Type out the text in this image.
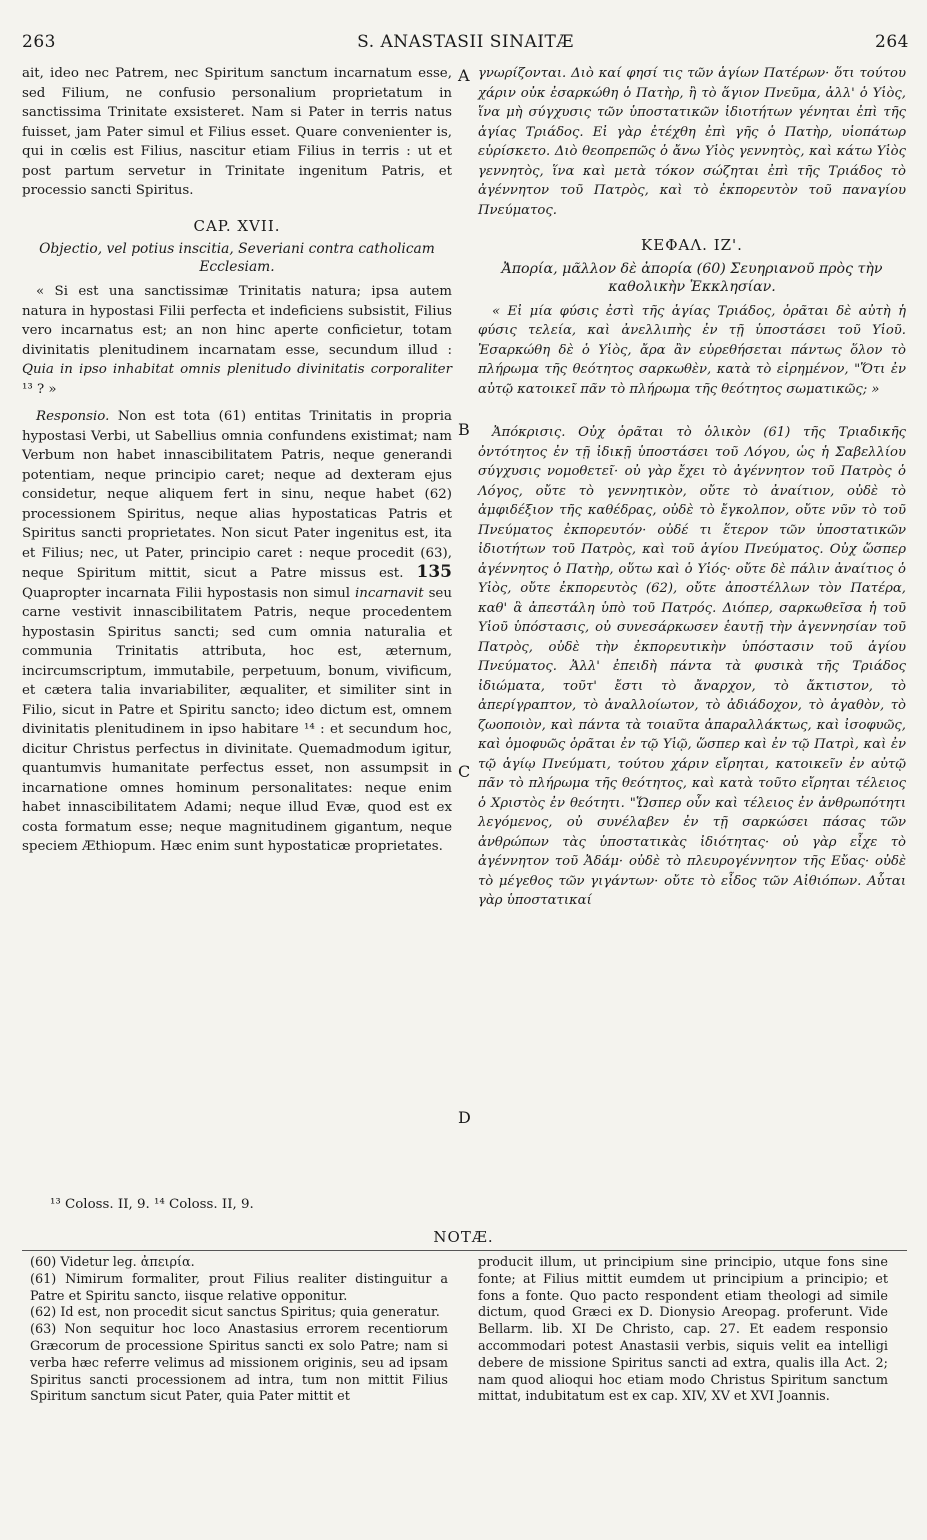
263	S. ANASTASII SINAITÆ	264
A
B
C
D

ait, ideo nec Patrem, nec Spiritum sanctum incarnatum esse, sed Filium, ne confusio personalium proprietatum in sanctissima Trinitate exsisteret. Nam si Pater in terris natus fuisset, jam Pater simul et Filius esset. Quare convenienter is, qui in cœlis est Filius, nascitur etiam Filius in terris : ut et post partum servetur in Trinitate ingenitum Patris, et processio sancti Spiritus.

CAP. XVII.
Objectio, vel potius inscitia, Severiani contra catholicam Ecclesiam.

« Si est una sanctissimæ Trinitatis natura; ipsa autem natura in hypostasi Filii perfecta et indeficiens subsistit, Filius vero incarnatus est; an non hinc aperte conficietur, totam divinitatis plenitudinem incarnatam esse, secundum illud : Quia in ipso inhabitat omnis plenitudo divinitatis corporaliter ¹³ ? »

Responsio. Non est tota (61) entitas Trinitatis in propria hypostasi Verbi, ut Sabellius omnia confundens existimat; nam Verbum non habet innascibilitatem Patris, neque generandi potentiam, neque principio caret; neque ad dexteram ejus considetur, neque aliquem fert in sinu, neque habet (62) processionem Spiritus, neque alias hypostaticas Patris et Spiritus sancti proprietates. Non sicut Pater ingenitus est, ita et Filius; nec, ut Pater, principio caret : neque procedit (63), neque Spiritum mittit, sicut a Patre missus est. 135 Quapropter incarnata Filii hypostasis non simul incarnavit seu carne vestivit innascibilitatem Patris, neque procedentem hypostasin Spiritus sancti; sed cum omnia naturalia et communia Trinitatis attributa, hoc est, æternum, incircumscriptum, immutabile, perpetuum, bonum, vivificum, et cætera talia invariabiliter, æqualiter, et similiter sint in Filio, sicut in Patre et Spiritu sancto; ideo dictum est, omnem divinitatis plenitudinem in ipso habitare ¹⁴ : et secundum hoc, dicitur Christus perfectus in divinitate. Quemadmodum igitur, quantumvis humanitate perfectus esset, non assumpsit in incarnatione omnes hominum personalitates: neque enim habet innascibilitatem Adami; neque illud Evæ, quod est ex costa formatum esse; neque magnitudinem gigantum, neque speciem Æthiopum. Hæc enim sunt hypostaticæ proprietates.

γνωρίζονται. Διὸ καί φησί τις τῶν ἁγίων Πατέρων· ὅτι τούτου χάριν οὐκ ἐσαρκώθη ὁ Πατὴρ, ἢ τὸ ἅγιον Πνεῦμα, ἀλλ' ὁ Υἱὸς, ἵνα μὴ σύγχυσις τῶν ὑποστατικῶν ἰδιοτήτων γένηται ἐπὶ τῆς ἁγίας Τριάδος. Εἰ γὰρ ἐτέχθη ἐπὶ γῆς ὁ Πατὴρ, υἱοπάτωρ εὑρίσκετο. Διὸ θεοπρεπῶς ὁ ἄνω Υἱὸς γεννητὸς, καὶ κάτω Υἱὸς γεννητὸς, ἵνα καὶ μετὰ τόκον σώζηται ἐπὶ τῆς Τριάδος τὸ ἀγέννητον τοῦ Πατρὸς, καὶ τὸ ἐκπορευτὸν τοῦ παναγίου Πνεύματος.

ΚΕΦΑΛ. ΙΖ'.
Ἀπορία, μᾶλλον δὲ ἀπορία (60) Σευηριανοῦ πρὸς τὴν καθολικὴν Ἐκκλησίαν.

« Εἰ μία φύσις ἐστὶ τῆς ἁγίας Τριάδος, ὁρᾶται δὲ αὐτὴ ἡ φύσις τελεία, καὶ ἀνελλιπὴς ἐν τῇ ὑποστάσει τοῦ Υἱοῦ. Ἐσαρκώθη δὲ ὁ Υἱὸς, ἄρα ἂν εὑρεθήσεται πάντως ὅλον τὸ πλήρωμα τῆς θεότητος σαρκωθὲν, κατὰ τὸ εἰρημένον, "Ὅτι ἐν αὐτῷ κατοικεῖ πᾶν τὸ πλήρωμα τῆς θεότητος σωματικῶς; »

Ἀπόκρισις. Οὐχ ὁρᾶται τὸ ὁλικὸν (61) τῆς Τριαδικῆς ὀντότητος ἐν τῇ ἰδικῇ ὑποστάσει τοῦ Λόγου, ὡς ἡ Σαβελλίου σύγχυσις νομοθετεῖ· οὐ γὰρ ἔχει τὸ ἀγέννητον τοῦ Πατρὸς ὁ Λόγος, οὔτε τὸ γεννητικὸν, οὔτε τὸ ἀναίτιον, οὐδὲ τὸ ἀμφιδέξιον τῆς καθέδρας, οὐδὲ τὸ ἔγκολπον, οὔτε νῦν τὸ τοῦ Πνεύματος ἐκπορευτόν· οὐδέ τι ἕτερον τῶν ὑποστατικῶν ἰδιοτήτων τοῦ Πατρὸς, καὶ τοῦ ἁγίου Πνεύματος. Οὐχ ὥσπερ ἀγέννητος ὁ Πατὴρ, οὕτω καὶ ὁ Υἱός· οὔτε δὲ πάλιν ἀναίτιος ὁ Υἱὸς, οὔτε ἐκπορευτὸς (62), οὔτε ἀποστέλλων τὸν Πατέρα, καθ' ἃ ἀπεστάλη ὑπὸ τοῦ Πατρός. Διόπερ, σαρκωθεῖσα ἡ τοῦ Υἱοῦ ὑπόστασις, οὐ συνεσάρκωσεν ἑαυτῇ τὴν ἀγεννησίαν τοῦ Πατρὸς, οὐδὲ τὴν ἐκπορευτικὴν ὑπόστασιν τοῦ ἁγίου Πνεύματος. Ἀλλ' ἐπειδὴ πάντα τὰ φυσικὰ τῆς Τριάδος ἰδιώματα, τοῦτ' ἔστι τὸ ἄναρχον, τὸ ἄκτιστον, τὸ ἀπερίγραπτον, τὸ ἀναλλοίωτον, τὸ ἀδιάδοχον, τὸ ἀγαθὸν, τὸ ζωοποιὸν, καὶ πάντα τὰ τοιαῦτα ἀπαραλλάκτως, καὶ ἰσοφυῶς, καὶ ὁμοφυῶς ὁρᾶται ἐν τῷ Υἱῷ, ὥσπερ καὶ ἐν τῷ Πατρὶ, καὶ ἐν τῷ ἁγίῳ Πνεύματι, τούτου χάριν εἴρηται, κατοικεῖν ἐν αὐτῷ πᾶν τὸ πλήρωμα τῆς θεότητος, καὶ κατὰ τοῦτο εἴρηται τέλειος ὁ Χριστὸς ἐν θεότητι. "Ὥσπερ οὖν καὶ τέλειος ἐν ἀνθρωπότητι λεγόμενος, οὐ συνέλαβεν ἐν τῇ σαρκώσει πάσας τῶν ἀνθρώπων τὰς ὑποστατικὰς ἰδιότητας· οὐ γὰρ εἶχε τὸ ἀγέννητον τοῦ Ἀδάμ· οὐδὲ τὸ πλευρογέννητον τῆς Εὔας· οὐδὲ τὸ μέγεθος τῶν γιγάντων· οὔτε τὸ εἶδος τῶν Αἰθιόπων. Αὗται γὰρ ὑποστατικαί

¹³ Coloss. II, 9. ¹⁴ Coloss. II, 9.
NOTÆ.

(60) Videtur leg. ἀπειρία.

(61) Nimirum formaliter, prout Filius realiter distinguitur a Patre et Spiritu sancto, iisque relative opponitur.

(62) Id est, non procedit sicut sanctus Spiritus; quia generatur.

(63) Non sequitur hoc loco Anastasius errorem recentiorum Græcorum de processione Spiritus sancti ex solo Patre; nam si verba hæc referre velimus ad missionem originis, seu ad ipsam Spiritus sancti processionem ad intra, tum non mittit Filius Spiritum sanctum sicut Pater, quia Pater mittit et

producit illum, ut principium sine principio, utque fons sine fonte; at Filius mittit eumdem ut principium a principio; et fons a fonte. Quo pacto respondent etiam theologi ad simile dictum, quod Græci ex D. Dionysio Areopag. proferunt. Vide Bellarm. lib. XI De Christo, cap. 27. Et eadem responsio accommodari potest Anastasii verbis, siquis velit ea intelligi debere de missione Spiritus sancti ad extra, qualis illa Act. 2; nam quod alioqui hoc etiam modo Christus Spiritum sanctum mittat, indubitatum est ex cap. XIV, XV et XVI Joannis.
